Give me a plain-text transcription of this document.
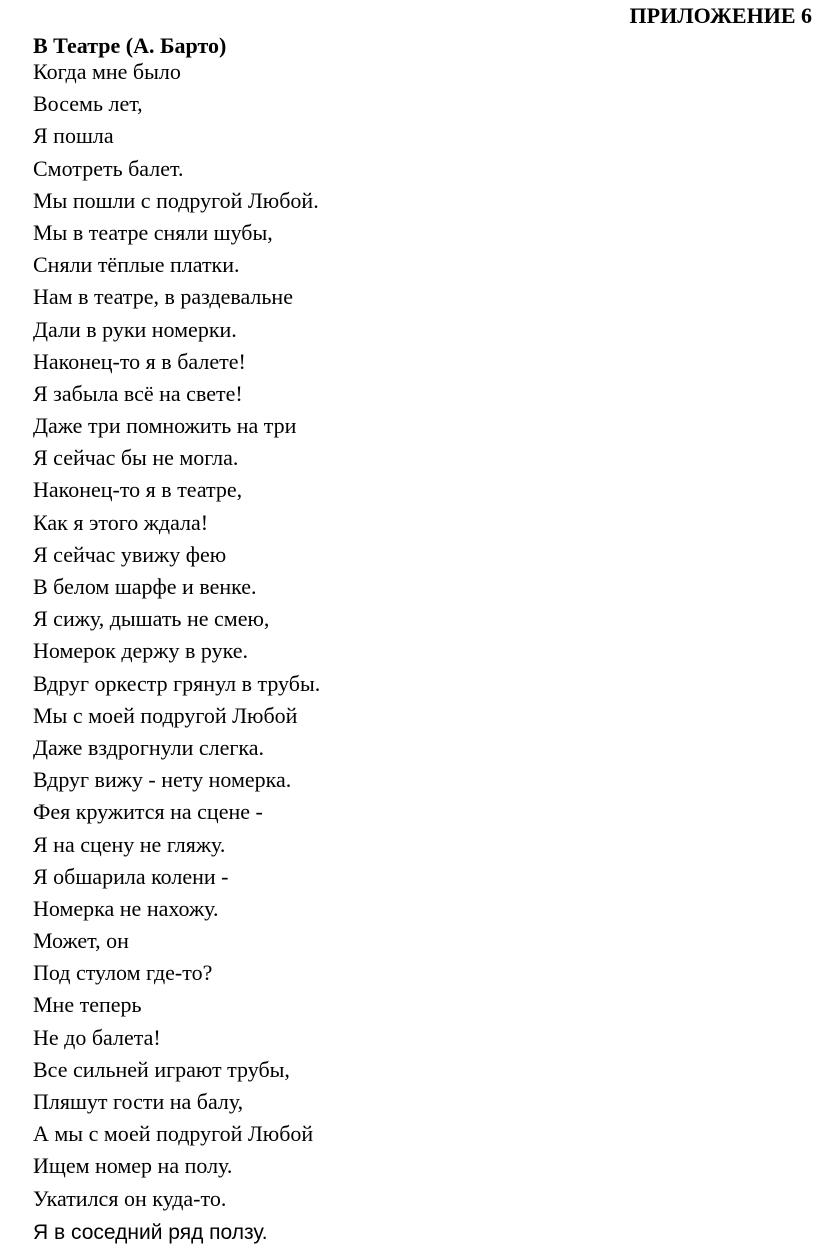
ПРИЛОЖЕНИЕ 6
В Театре (А. Барто)
Когда мне было
Восемь лет,
Я пошла
Смотреть балет.
Мы пошли с подругой Любой.
Мы в театре сняли шубы,
Сняли тёплые платки.
Нам в театре, в раздевальне
Дали в руки номерки.
Наконец-то я в балете!
Я забыла всё на свете!
Даже три помножить на три
Я сейчас бы не могла.
Наконец-то я в театре,
Как я этого ждала!
Я сейчас увижу фею
В белом шарфе и венке.
Я сижу, дышать не смею,
Номерок держу в руке.
Вдруг оркестр грянул в трубы.
Мы с моей подругой Любой
Даже вздрогнули слегка.
Вдруг вижу - нету номерка.
Фея кружится на сцене -
Я на сцену не гляжу.
Я обшарила колени -
Номерка не нахожу.
Может, он
Под стулом где-то?
Мне теперь
Не до балета!
Все сильней играют трубы,
Пляшут гости на балу,
А мы с моей подругой Любой
Ищем номер на полу.
Укатился он куда-то.
Я в соседний ряд ползу.
